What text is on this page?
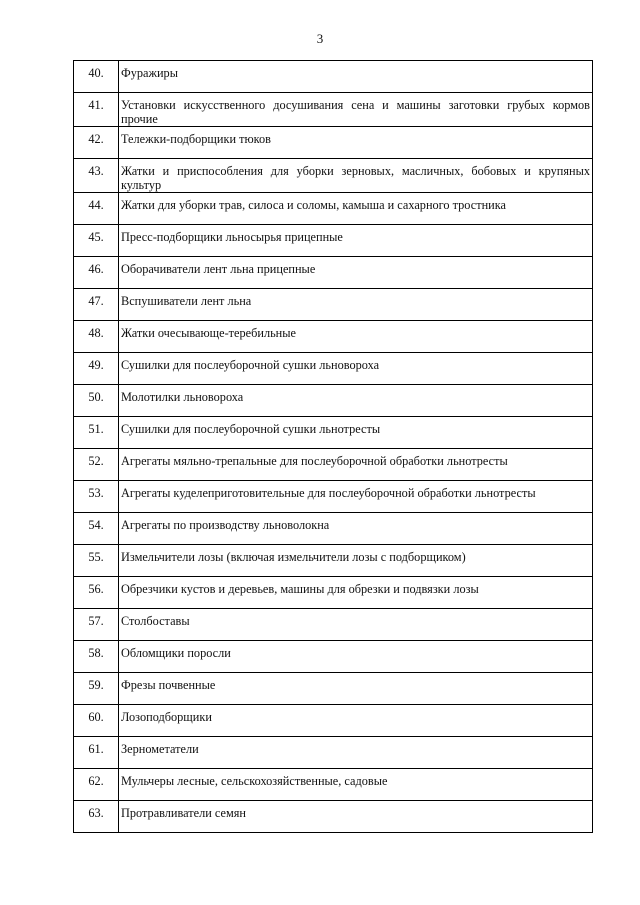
3
40.	Фуражиры
41.	Установки искусственного досушивания сена и машины заготовки грубых кормов прочие
42.	Тележки-подборщики тюков
43.	Жатки и приспособления для уборки зерновых, масличных, бобовых и крупяных культур
44.	Жатки для уборки трав, силоса и соломы, камыша и сахарного тростника
45.	Пресс-подборщики льносырья прицепные
46.	Оборачиватели лент льна прицепные
47.	Вспушиватели лент льна
48.	Жатки очесывающе-теребильные
49.	Сушилки для послеуборочной сушки льновороха
50.	Молотилки льновороха
51.	Сушилки для послеуборочной сушки льнотресты
52.	Агрегаты мяльно-трепальные для послеуборочной обработки льнотресты
53.	Агрегаты куделеприготовительные для послеуборочной обработки льнотресты
54.	Агрегаты по производству льноволокна
55.	Измельчители лозы (включая измельчители лозы с подборщиком)
56.	Обрезчики кустов и деревьев, машины для обрезки и подвязки лозы
57.	Столбоставы
58.	Обломщики поросли
59.	Фрезы почвенные
60.	Лозоподборщики
61.	Зернометатели
62.	Мульчеры лесные, сельскохозяйственные, садовые
63.	Протравливатели семян
